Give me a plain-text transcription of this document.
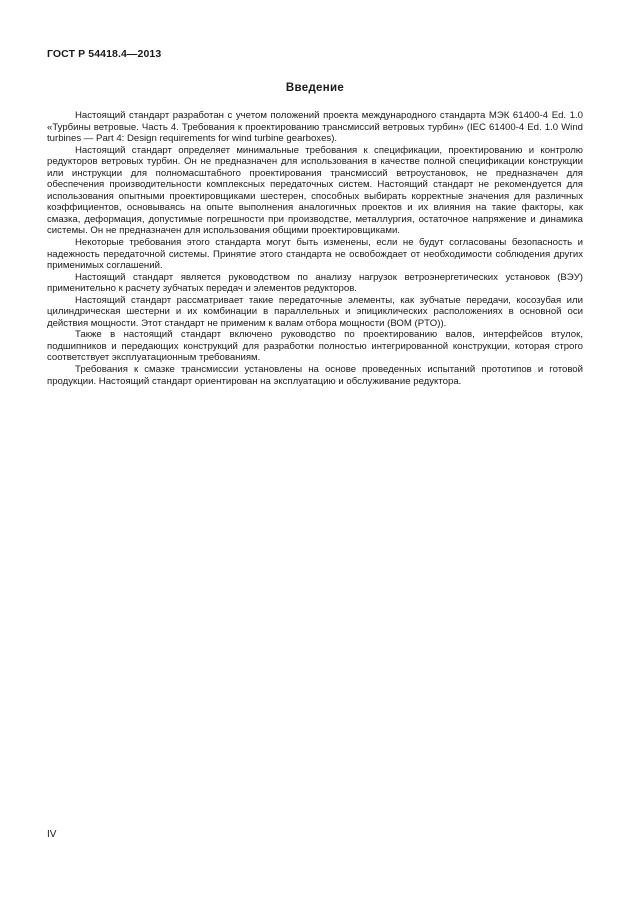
ГОСТ Р 54418.4—2013
Введение

Настоящий стандарт разработан с учетом положений проекта международного стандарта МЭК 61400-4 Ed. 1.0 «Турбины ветровые. Часть 4. Требования к проектированию трансмиссий ветровых турбин» (IEC 61400-4 Ed. 1.0 Wind turbines — Part 4: Design requirements for wind turbine gearboxes).

Настоящий стандарт определяет минимальные требования к спецификации, проектированию и контролю редукторов ветровых турбин. Он не предназначен для использования в качестве полной спецификации конструкции или инструкции для полномасштабного проектирования трансмиссий ветроустановок, не предназначен для обеспечения производительности комплексных передаточных систем. Настоящий стандарт не рекомендуется для использования опытными проектировщиками шестерен, способных выбирать корректные значения для различных коэффициентов, основываясь на опыте выполнения аналогичных проектов и их влияния на такие факторы, как смазка, деформация, допустимые погрешности при производстве, металлургия, остаточное напряжение и динамика системы. Он не предназначен для использования общими проектировщиками.

Некоторые требования этого стандарта могут быть изменены, если не будут согласованы безопасность и надежность передаточной системы. Принятие этого стандарта не освобождает от необходимости соблюдения других применимых соглашений.

Настоящий стандарт является руководством по анализу нагрузок ветроэнергетических установок (ВЭУ) применительно к расчету зубчатых передач и элементов редукторов.

Настоящий стандарт рассматривает такие передаточные элементы, как зубчатые передачи, косозубая или цилиндрическая шестерни и их комбинации в параллельных и эпициклических расположениях в основной оси действия мощности. Этот стандарт не применим к валам отбора мощности (ВОМ (PTO)).

Также в настоящий стандарт включено руководство по проектированию валов, интерфейсов втулок, подшипников и передающих конструкций для разработки полностью интегрированной конструкции, которая строго соответствует эксплуатационным требованиям.

Требования к смазке трансмиссии установлены на основе проведенных испытаний прототипов и готовой продукции. Настоящий стандарт ориентирован на эксплуатацию и обслуживание редуктора.

IV
